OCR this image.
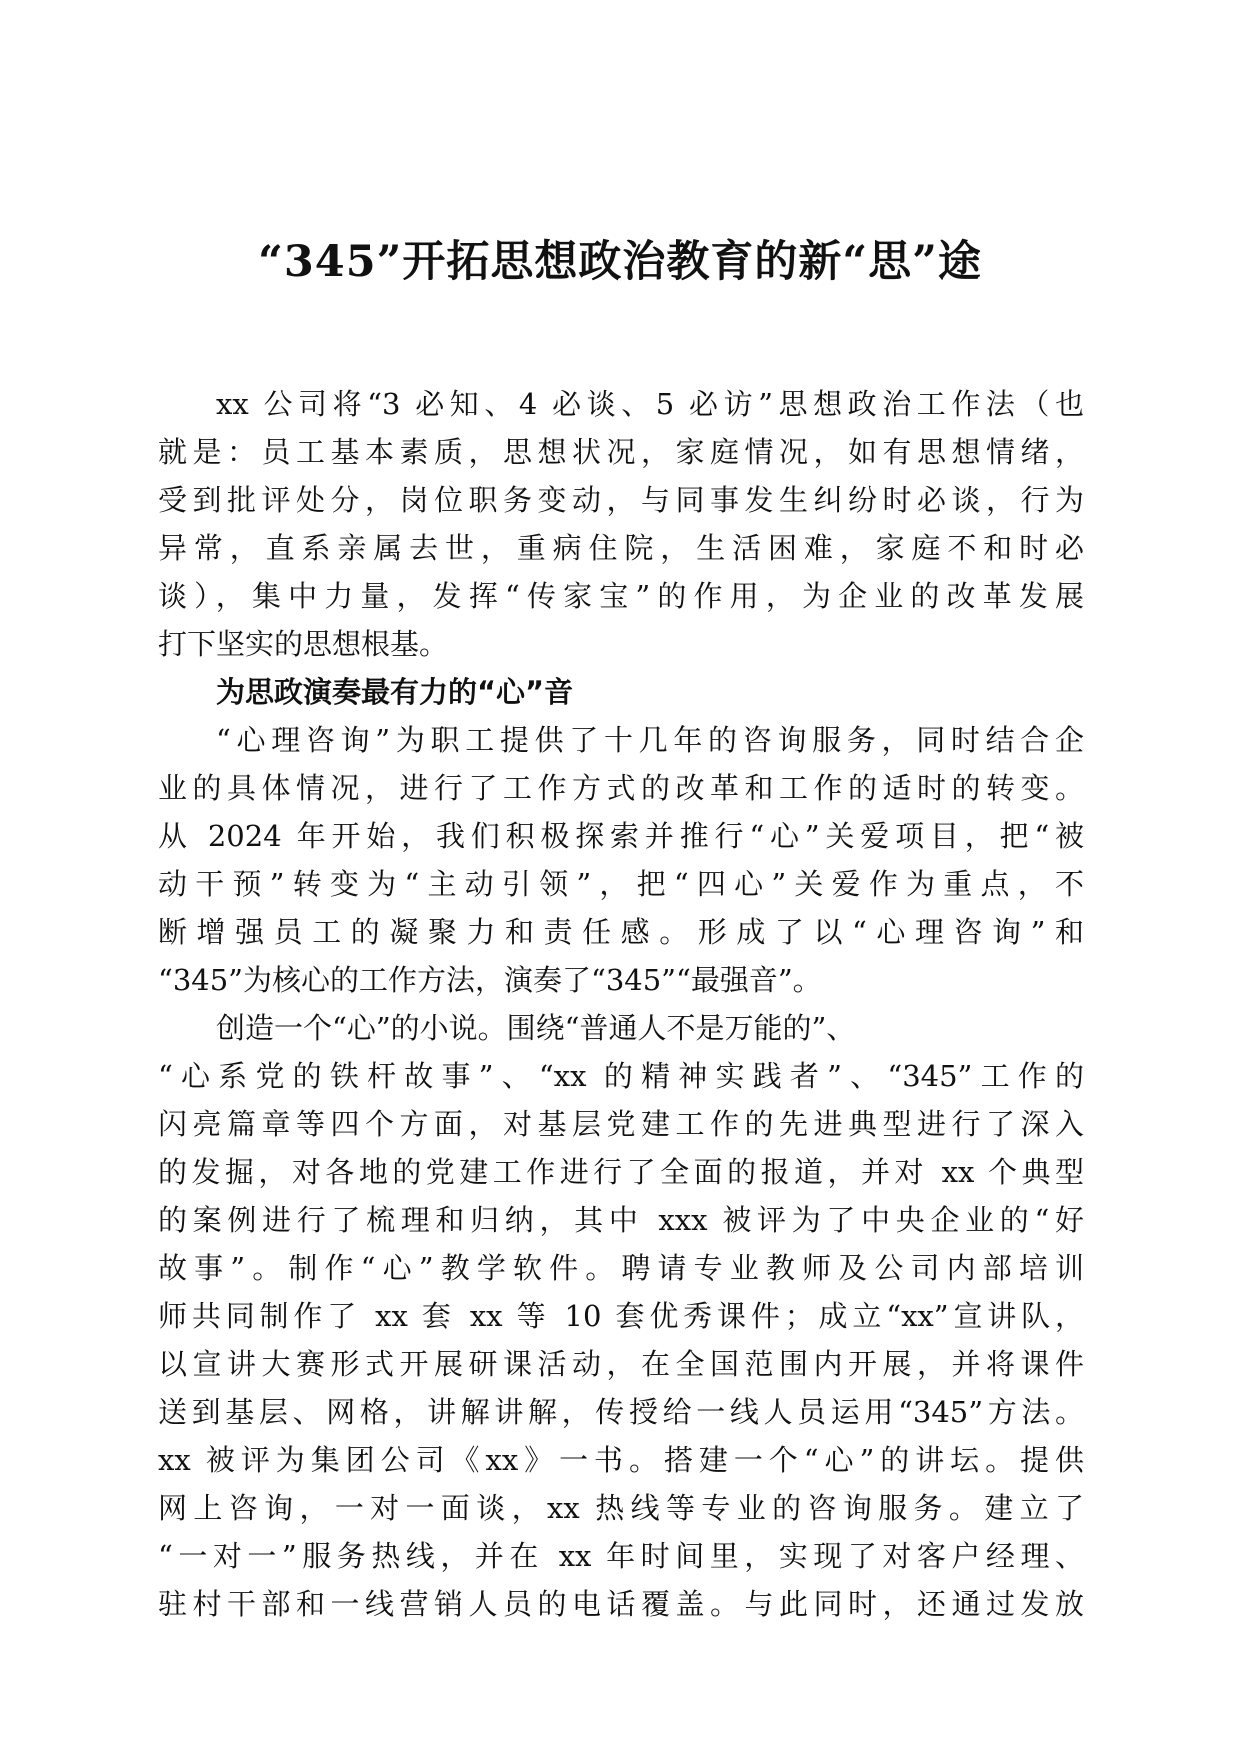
“345”开拓思想政治教育的新“思”途
xx 公司将“3 必知、4 必谈、5 必访”思想政治工作法（也
就是：员工基本素质，思想状况，家庭情况，如有思想情绪，
受到批评处分，岗位职务变动，与同事发生纠纷时必谈，行为
异常，直系亲属去世，重病住院，生活困难，家庭不和时必
谈），集中力量，发挥“传家宝”的作用，为企业的改革发展
打下坚实的思想根基。
为思政演奏最有力的“心”音
“心理咨询”为职工提供了十几年的咨询服务，同时结合企
业的具体情况，进行了工作方式的改革和工作的适时的转变。
从 2024 年开始，我们积极探索并推行“心”关爱项目，把“被
动干预”转变为“主动引领”，把“四心”关爱作为重点，不
断增强员工的凝聚力和责任感。形成了以“心理咨询”和
“345”为核心的工作方法，演奏了“345”“最强音”。
创造一个“心”的小说。围绕“普通人不是万能的”、
“心系党的铁杆故事”、“xx 的精神实践者”、“345”工作的
闪亮篇章等四个方面，对基层党建工作的先进典型进行了深入
的发掘，对各地的党建工作进行了全面的报道，并对 xx 个典型
的案例进行了梳理和归纳，其中 xxx 被评为了中央企业的“好
故事”。制作“心”教学软件。聘请专业教师及公司内部培训
师共同制作了 xx 套 xx 等 10 套优秀课件；成立“xx”宣讲队，
以宣讲大赛形式开展研课活动，在全国范围内开展，并将课件
送到基层、网格，讲解讲解，传授给一线人员运用“345”方法。
xx 被评为集团公司《xx》一书。搭建一个“心”的讲坛。提供
网上咨询，一对一面谈，xx 热线等专业的咨询服务。建立了
“一对一”服务热线，并在 xx 年时间里，实现了对客户经理、
驻村干部和一线营销人员的电话覆盖。与此同时，还通过发放
